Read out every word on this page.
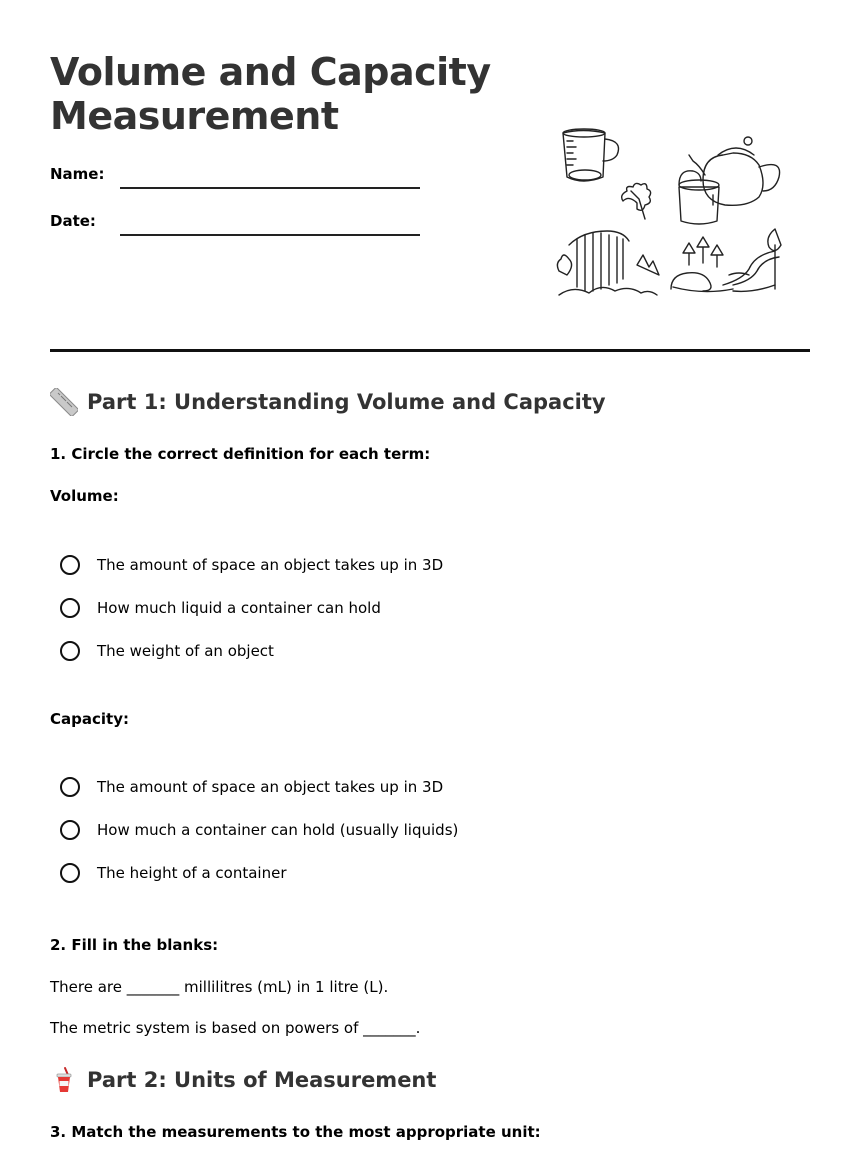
Volume and Capacity Measurement
Name:
Date:
Part 1: Understanding Volume and Capacity
1. Circle the correct definition for each term:
Volume:
The amount of space an object takes up in 3D
How much liquid a container can hold
The weight of an object
Capacity:
The amount of space an object takes up in 3D
How much a container can hold (usually liquids)
The height of a container
2. Fill in the blanks:
There are _______ millilitres (mL) in 1 litre (L).
The metric system is based on powers of _______.
Part 2: Units of Measurement
3. Match the measurements to the most appropriate unit:
